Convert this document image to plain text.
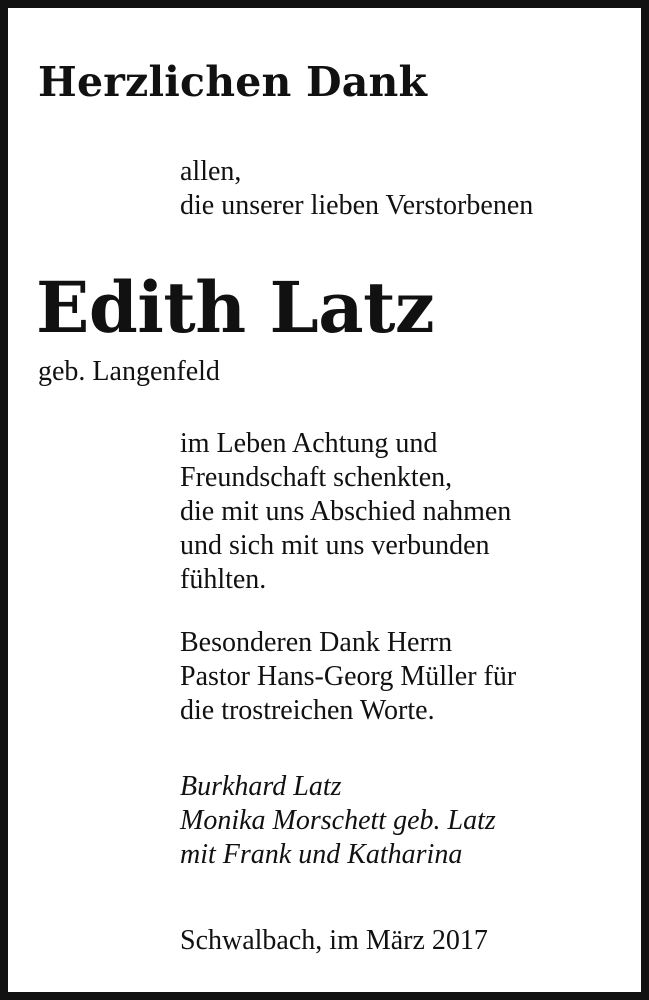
Herzlichen Dank

allen,
die unserer lieben Verstorbenen

Edith Latz

geb. Langenfeld

im Leben Achtung und
Freundschaft schenkten,
die mit uns Abschied nahmen
und sich mit uns verbunden
fühlten.

Besonderen Dank Herrn
Pastor Hans-Georg Müller für
die trostreichen Worte.

Burkhard Latz
Monika Morschett geb. Latz
mit Frank und Katharina

Schwalbach, im März 2017
